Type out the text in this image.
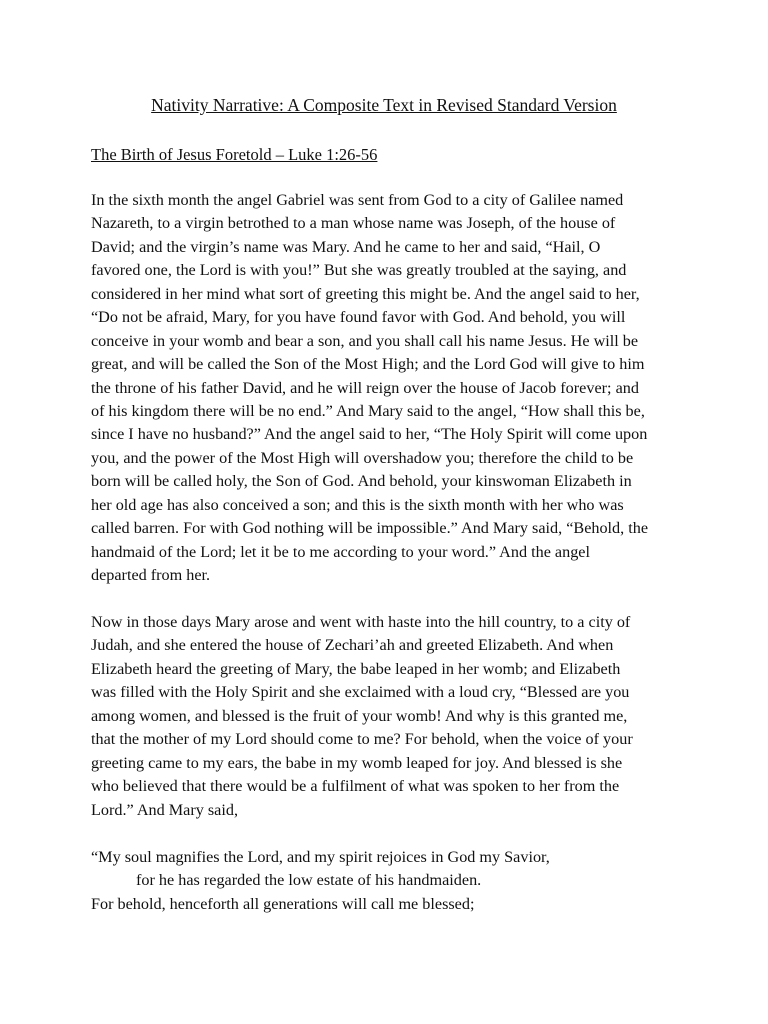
Nativity Narrative: A Composite Text in Revised Standard Version
The Birth of Jesus Foretold – Luke 1:26-56
In the sixth month the angel Gabriel was sent from God to a city of Galilee named
Nazareth, to a virgin betrothed to a man whose name was Joseph, of the house of
David; and the virgin’s name was Mary. And he came to her and said, “Hail, O
favored one, the Lord is with you!” But she was greatly troubled at the saying, and
considered in her mind what sort of greeting this might be. And the angel said to her,
“Do not be afraid, Mary, for you have found favor with God. And behold, you will
conceive in your womb and bear a son, and you shall call his name Jesus. He will be
great, and will be called the Son of the Most High; and the Lord God will give to him
the throne of his father David, and he will reign over the house of Jacob forever; and
of his kingdom there will be no end.” And Mary said to the angel, “How shall this be,
since I have no husband?” And the angel said to her, “The Holy Spirit will come upon
you, and the power of the Most High will overshadow you; therefore the child to be
born will be called holy, the Son of God. And behold, your kinswoman Elizabeth in
her old age has also conceived a son; and this is the sixth month with her who was
called barren. For with God nothing will be impossible.” And Mary said, “Behold, the
handmaid of the Lord; let it be to me according to your word.” And the angel
departed from her.
Now in those days Mary arose and went with haste into the hill country, to a city of
Judah, and she entered the house of Zechari’ah and greeted Elizabeth. And when
Elizabeth heard the greeting of Mary, the babe leaped in her womb; and Elizabeth
was filled with the Holy Spirit and she exclaimed with a loud cry, “Blessed are you
among women, and blessed is the fruit of your womb! And why is this granted me,
that the mother of my Lord should come to me? For behold, when the voice of your
greeting came to my ears, the babe in my womb leaped for joy. And blessed is she
who believed that there would be a fulfilment of what was spoken to her from the
Lord.” And Mary said,
“My soul magnifies the Lord, and my spirit rejoices in God my Savior,
for he has regarded the low estate of his handmaiden.
For behold, henceforth all generations will call me blessed;
